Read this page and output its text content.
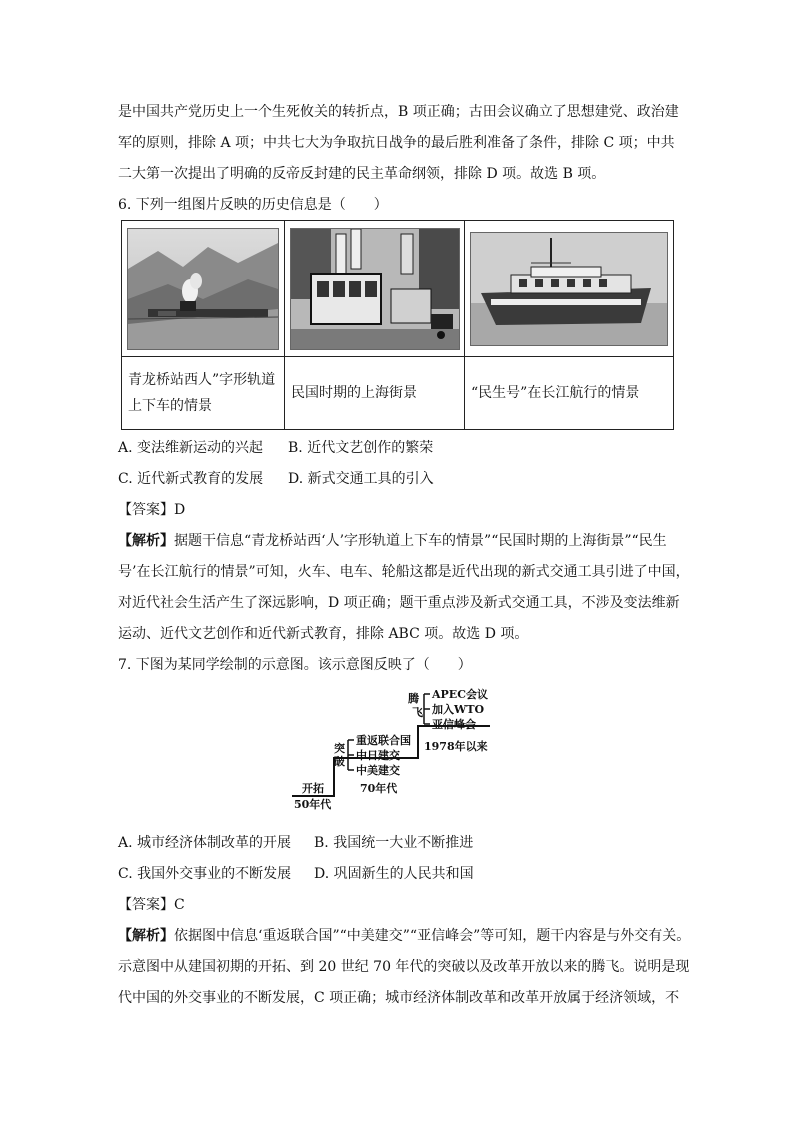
是中国共产党历史上一个生死攸关的转折点，B 项正确；古田会议确立了思想建党、政治建
军的原则，排除 A 项；中共七大为争取抗日战争的最后胜利准备了条件，排除 C 项；中共
二大第一次提出了明确的反帝反封建的民主革命纲领，排除 D 项。故选 B 项。
6. 下列一组图片反映的历史信息是（　　）

青龙桥站西人”字形轨道上下车的情景	民国时期的上海街景	“民生号”在长江航行的情景
A. 变法维新运动的兴起 B. 近代文艺创作的繁荣
C. 近代新式教育的发展 D. 新式交通工具的引入
【答案】D
【解析】据题干信息“青龙桥站西‘人’字形轨道上下车的情景”“民国时期的上海街景”“民生
号’在长江航行的情景”可知，火车、电车、轮船这都是近代出现的新式交通工具引进了中国，
对近代社会生活产生了深远影响，D 项正确；题干重点涉及新式交通工具，不涉及变法维新
运动、近代文艺创作和近代新式教育，排除 ABC 项。故选 D 项。
7. 下图为某同学绘制的示意图。该示意图反映了（　　）
开拓
50年代
突
破
重返联合国
中日建交
中美建交
70年代
腾
飞
APEC会议
加入WTO
亚信峰会
1978年以来
A. 城市经济体制改革的开展 B. 我国统一大业不断推进
C. 我国外交事业的不断发展 D. 巩固新生的人民共和国
【答案】C
【解析】依据图中信息‘重返联合国”“中美建交”“亚信峰会”等可知，题干内容是与外交有关。
示意图中从建国初期的开拓、到 20 世纪 70 年代的突破以及改革开放以来的腾飞。说明是现
代中国的外交事业的不断发展，C 项正确；城市经济体制改革和改革开放属于经济领域，不
